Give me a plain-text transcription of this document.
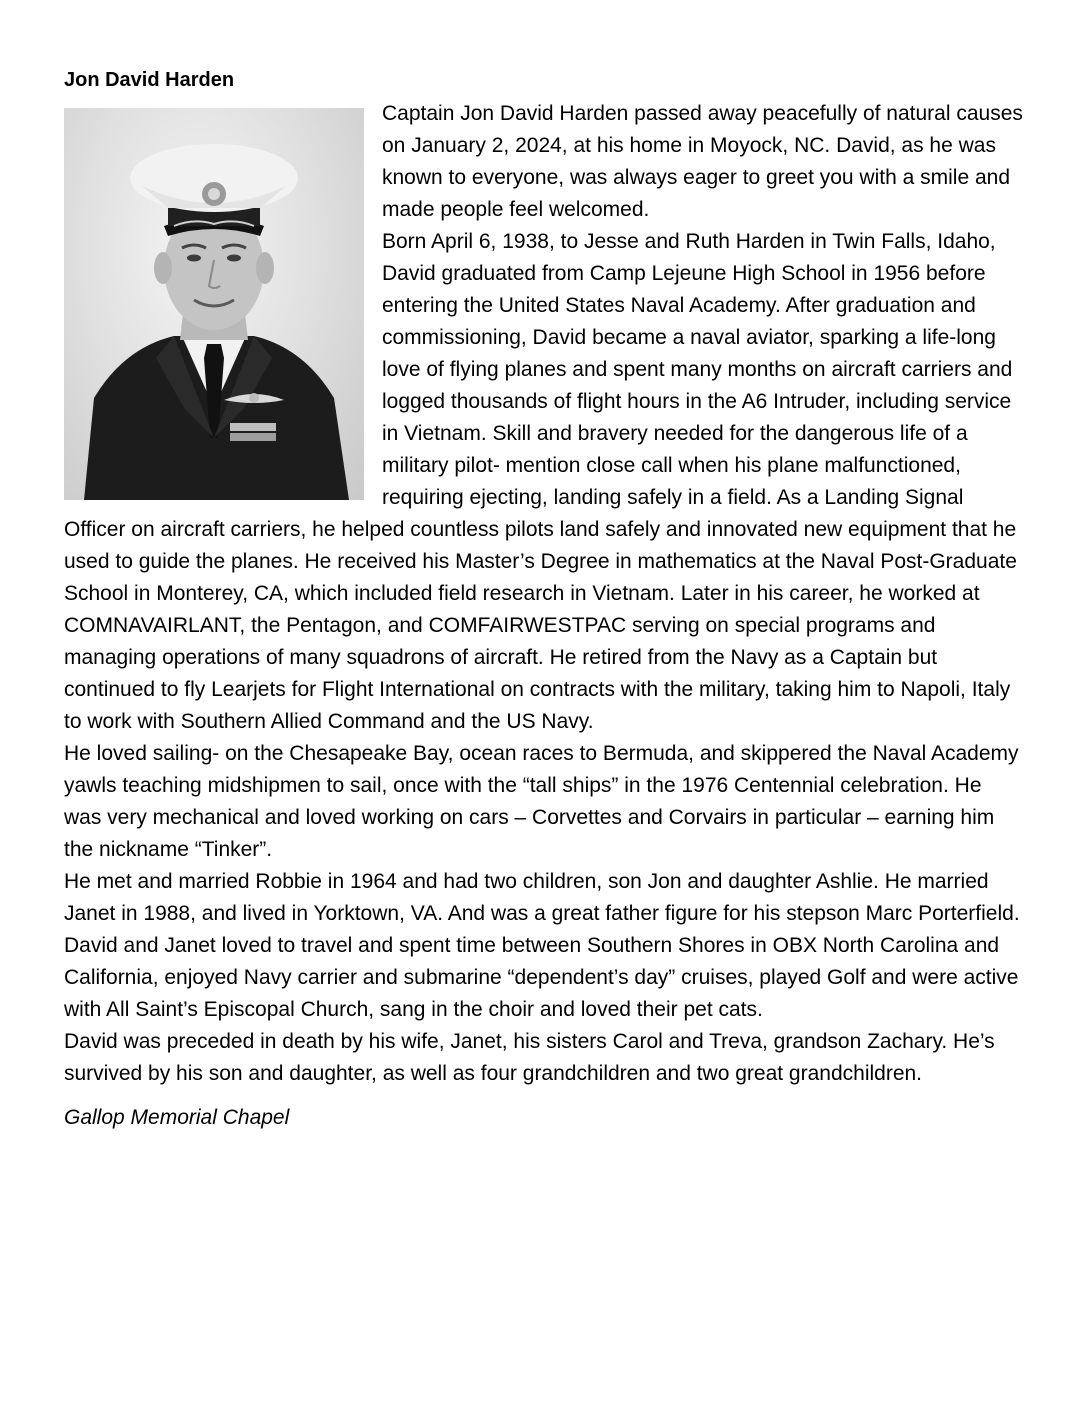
Jon David Harden

Captain Jon David Harden passed away peacefully of natural causes on January 2, 2024, at his home in Moyock, NC. David, as he was known to everyone, was always eager to greet you with a smile and made people feel welcomed.

Born April 6, 1938, to Jesse and Ruth Harden in Twin Falls, Idaho, David graduated from Camp Lejeune High School in 1956 before entering the United States Naval Academy. After graduation and commissioning, David became a naval aviator, sparking a life-long love of flying planes and spent many months on aircraft carriers and logged thousands of flight hours in the A6 Intruder, including service in Vietnam. Skill and bravery needed for the dangerous life of a military pilot- mention close call when his plane malfunctioned, requiring ejecting, landing safely in a field. As a Landing Signal Officer on aircraft carriers, he helped countless pilots land safely and innovated new equipment that he used to guide the planes. He received his Master’s Degree in mathematics at the Naval Post-Graduate School in Monterey, CA, which included field research in Vietnam. Later in his career, he worked at COMNAVAIRLANT, the Pentagon, and COMFAIRWESTPAC serving on special programs and managing operations of many squadrons of aircraft. He retired from the Navy as a Captain but continued to fly Learjets for Flight International on contracts with the military, taking him to Napoli, Italy to work with Southern Allied Command and the US Navy.

He loved sailing- on the Chesapeake Bay, ocean races to Bermuda, and skippered the Naval Academy yawls teaching midshipmen to sail, once with the “tall ships” in the 1976 Centennial celebration. He was very mechanical and loved working on cars – Corvettes and Corvairs in particular – earning him the nickname “Tinker”.

He met and married Robbie in 1964 and had two children, son Jon and daughter Ashlie. He married Janet in 1988, and lived in Yorktown, VA. And was a great father figure for his stepson Marc Porterfield. David and Janet loved to travel and spent time between Southern Shores in OBX North Carolina and California, enjoyed Navy carrier and submarine “dependent’s day” cruises, played Golf and were active with All Saint’s Episcopal Church, sang in the choir and loved their pet cats.

David was preceded in death by his wife, Janet, his sisters Carol and Treva, grandson Zachary. He’s survived by his son and daughter, as well as four grandchildren and two great grandchildren.

Gallop Memorial Chapel
